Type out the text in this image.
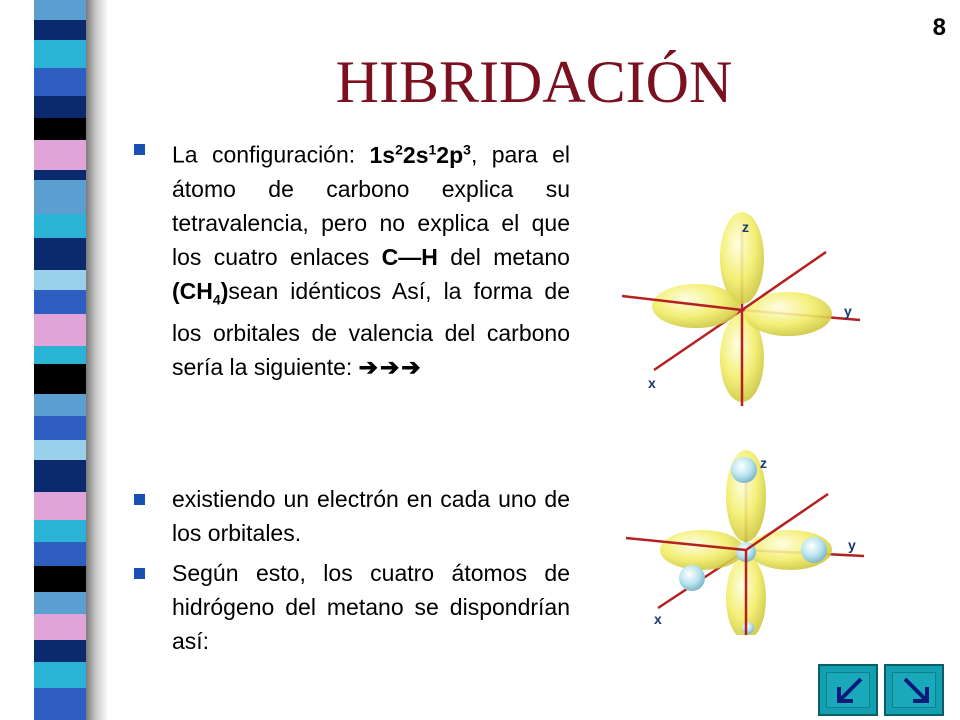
8
HIBRIDACIÓN
La configuración: $1s^22s^12p^3$, para el átomo de carbono explica su tetravalencia, pero no explica el que los cuatro enlaces C—H del metano $(CH_4)sean$ idénticos Así, la forma de los orbitales de valencia del carbono sería la siguiente: ➔➔➔
existiendo un electrón en cada uno de los orbitales.
Según esto, los cuatro átomos de hidrógeno del metano se dispondrían así:
z
y
x
z
y
x
